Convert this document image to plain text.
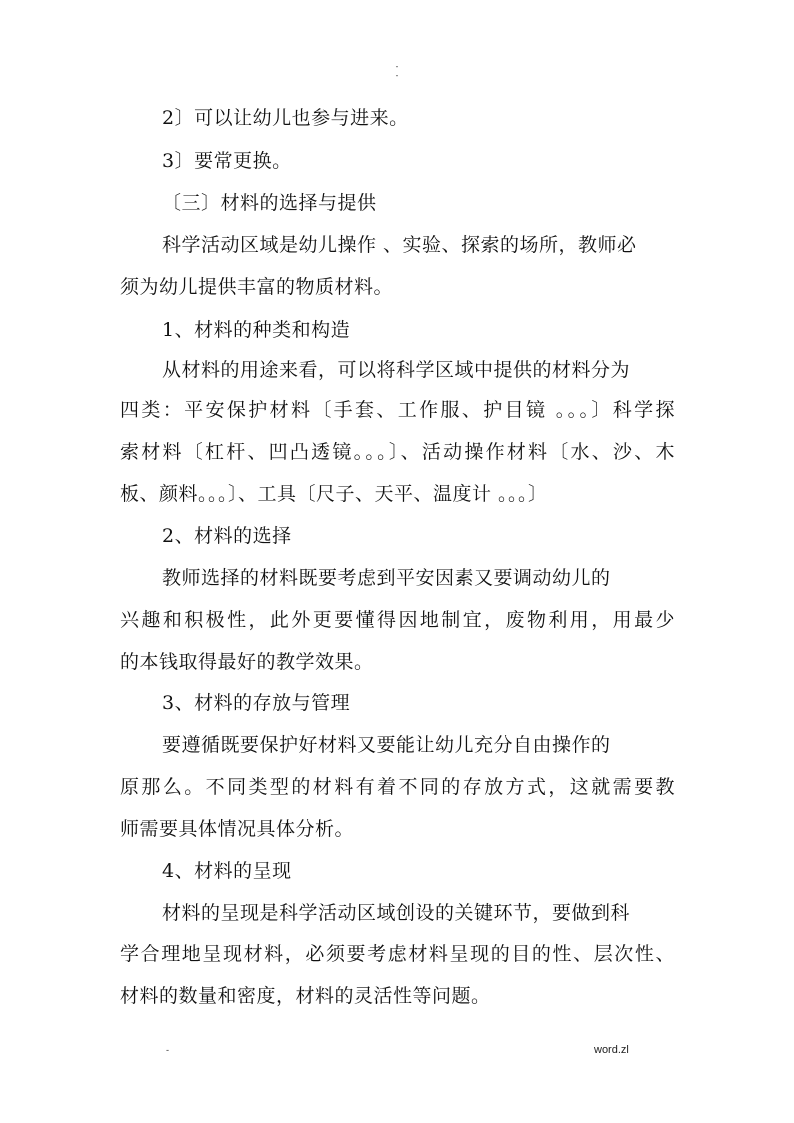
-
-
2〕可以让幼儿也参与进来。
3〕要常更换。
〔三〕材料的选择与提供
科学活动区域是幼儿操作 、实验、探索的场所，教师必
须为幼儿提供丰富的物质材料。
1、材料的种类和构造
从材料的用途来看，可以将科学区域中提供的材料分为
四类：平安保护材料〔手套、工作服、护目镜 。。。〕科学探
索材料〔杠杆、凹凸透镜。。。〕、活动操作材料〔水、沙、木
板、颜料。。。〕、工具〔尺子、天平、温度计 。。。〕
2、材料的选择
教师选择的材料既要考虑到平安因素又要调动幼儿的
兴趣和积极性，此外更要懂得因地制宜，废物利用，用最少
的本钱取得最好的教学效果。
3、材料的存放与管理
要遵循既要保护好材料又要能让幼儿充分自由操作的
原那么。不同类型的材料有着不同的存放方式，这就需要教
师需要具体情况具体分析。
4、材料的呈现
材料的呈现是科学活动区域创设的关键环节，要做到科
学合理地呈现材料，必须要考虑材料呈现的目的性、层次性、
材料的数量和密度，材料的灵活性等问题。
-	word.zl
